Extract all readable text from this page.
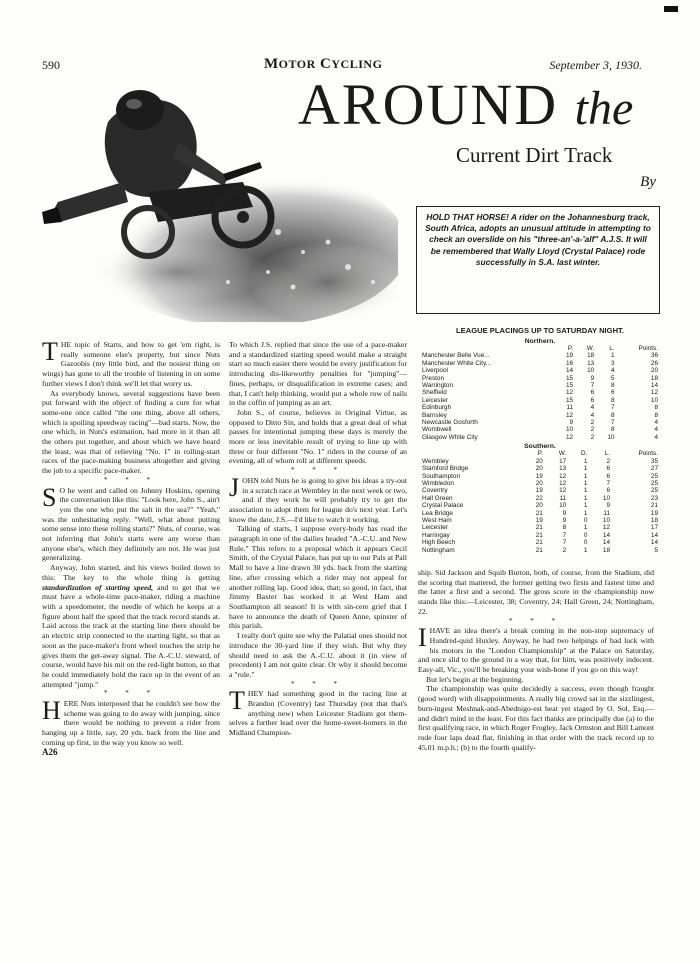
590	MOTOR CYCLING	September 3, 1930.
AROUND the
Current Dirt Track
By
HOLD THAT HORSE! A rider on the Johannesburg track, South Africa, adopts an unusual attitude in attempting to check an overslide on his "three-an'-a-'alf" A.J.S. It will be remembered that Wally Lloyd (Crystal Palace) rode successfully in S.A. last winter.

THE topic of Starts, and how to get 'em right, is really someone else's property, but since Nuts Gazoobis (my little bird, and the nosiest thing on wings) has gone to all the trouble of listening in on some further views I don't think we'll let that worry us.

As everybody knows, several suggestions have been put forward with the object of finding a cure for what some-one once called "the one thing, above all others, which is spoiling speedway racing"—bad starts. Now, the one which, in Nuts's estimation, had more in it than all the others put together, and about which we have heard the least, was that of relieving "No. 1" in rolling-start races of the pace-making business altogether and giving the job to a specific pace-maker.

* * *

S O he went and called on Johnny Hoskins, opening the conversation like this: "Look here, John S., ain't you the one who put the salt in the sea?" "Yeah," was the unhesitating reply. "Well, what about putting some sense into these rolling starts?" Nuts, of course, was not inferring that John's starts were any worse than anyone else's, which they definitely are not. He was just generalizing.

Anyway, John started, and his views boiled down to this: The key to the whole thing is getting standardization of starting speed, and to get that we must have a whole-time pace-maker, riding a machine with a speedometer, the needle of which he keeps at a figure about half the speed that the track record stands at. Laid across the track at the starting line there should be an electric strip connected to the starting light, so that as soon as the pace-maker's front wheel touches the strip he gives them the get-away signal. The A.-C.U. steward, of course, would have his mit on the red-light button, so that he could immediately hold the race up in the event of an attempted "jump."

* * *

HERE Nuts interposed that he couldn't see how the scheme was going to do away with jumping, since there would be nothing to prevent a rider from hanging up a little, say, 20 yds. back from the line and coming up first, in the way you know so well.

A26

To which J.S. replied that since the use of a pace-maker and a standardized starting speed would make a straight start so much easier there would be every justification for introducing dis-likeworthy penalties for "jumping"—fines, perhaps, or disqualification in extreme cases; and that, I can't help thinking, would put a whole row of nails in the coffin of jumping as an art.

John S., of course, believes in Original Virtue, as opposed to Ditto Sin, and holds that a great deal of what passes for intentional jumping these days is merely the more or less inevitable result of trying to line up with three or four different "No. 1" riders in the course of an evening, all of whom roll at different speeds.

* * *

JOHN told Nuts he is going to give his ideas a try-out in a scratch race at Wembley in the next week or two, and if they work he will probably try to get the association to adopt them for league do's next year. Let's know the date, J.S.—I'd like to watch it working.

Talking of starts, I suppose every-body has read the paragraph in one of the dailies headed "A.-C.U. and New Rule." This refers to a proposal which it appears Cecil Smith, of the Crystal Palace, has put up to our Pals at Pall Mall to have a line drawn 30 yds. back from the starting line, after crossing which a rider may not appeal for another rolling lap. Good idea, that; so good, in fact, that Jimmy Baxter has worked it at West Ham and Southampton all season! It is with sin-cere grief that I have to announce the death of Queen Anne, spinster of this parish.

I really don't quite see why the Palatial ones should not introduce the 30-yard line if they wish. But why they should need to ask the A.-C.U. about it (in view of precedent) I am not quite clear. Or why it should become a "rule."

* * *

THEY had something good in the racing line at Brandon (Coventry) last Thursday (not that that's anything new) when Leicester Stadium got them-selves a further lead over the home-sweet-homers in the Midland Champion-

LEAGUE PLACINGS UP TO SATURDAY NIGHT.
Northern.
	P.	W.	L.	Points.
Manchester Belle Vue...	19	18	1	36
Manchester White City...	16	13	3	26
Liverpool	14	10	4	20
Preston	15	9	5	18
Warrington	15	7	8	14
Sheffield	12	6	6	12
Leicester	15	6	8	10
Edinburgh	11	4	7	8
Barnsley	12	4	8	8
Newcastle Gosforth	9	2	7	4
Wombwell	10	2	8	4
Glasgow White City	12	2	10	4
Southern.
	P.	W.	D.	L.	Points.
Wembley	20	17	1	2	35
Stamford Bridge	20	13	1	6	27
Southampton	19	12	1	6	25
Wimbledon	20	12	1	7	25
Coventry	19	12	1	6	25
Hall Green	22	11	1	10	23
Crystal Palace	20	10	1	9	21
Lea Bridge	21	9	1	11	19
West Ham	19	9	0	10	18
Leicester	21	8	1	12	17
Harringay	21	7	0	14	14
High Beech	21	7	0	14	14
Nottingham	21	2	1	18	5

ship. Sid Jackson and Squib Burton, both, of course, from the Stadium, did the scoring that mattered, the former getting two firsts and fastest time and the latter a first and a second. The gross score in the championship now stands like this:—Leicester, 38; Coventry, 24; Hall Green, 24; Nottingham, 22.

* * *

IHAVE an idea there's a break coming in the non-stop supremacy of Hundred-quid Huxley. Anyway, he had two helpings of bad luck with his motors in the "London Championship" at the Palace on Saturday, and once slid to the ground in a way that, for him, was positively indecent. Easy-all, Vic., you'll be breaking your wish-bone if you go on this way!

But let's begin at the beginning.

The championship was quite decidedly a success, even though fraught (good word) with disappointments. A really big crowd sat in the sizzlingest, burn-ingest Meshnak-and-Abednigo-est heat yet staged by O. Sol, Esq.—and didn't mind in the least. For this fact thanks are principally due (a) to the first qualifying race, in which Roger Frogley, Jack Ormston and Bill Lamont rode four laps dead flat, finishing in that order with the track record up to 45.01 m.p.h.; (b) to the fourth qualify-
